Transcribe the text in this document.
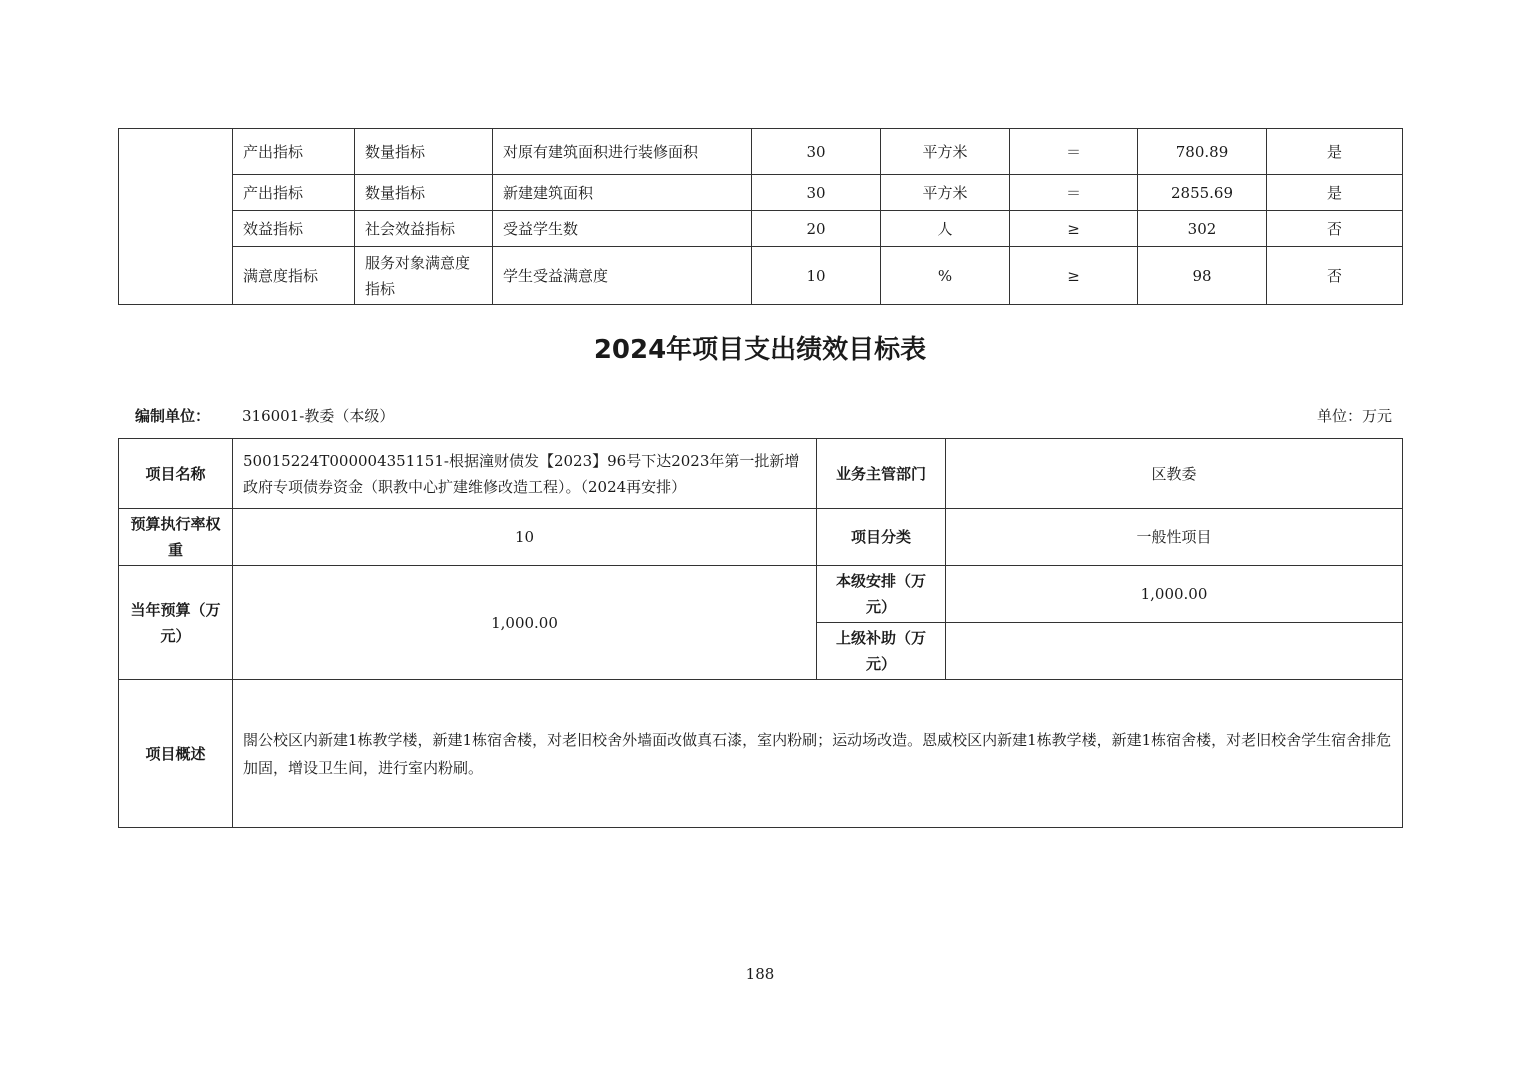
	产出指标	数量指标	对原有建筑面积进行装修面积	30	平方米	＝	780.89	是
	产出指标	数量指标	新建建筑面积	30	平方米	＝	2855.69	是
	效益指标	社会效益指标	受益学生数	20	人	≥	302	否
	满意度指标	服务对象满意度指标	学生受益满意度	10	%	≥	98	否
2024年项目支出绩效目标表
编制单位： 316001-教委（本级）	单位：万元
项目名称	50015224T000004351151-根据潼财债发【2023】96号下达2023年第一批新增政府专项债券资金（职教中心扩建维修改造工程）。（2024再安排）	业务主管部门	区教委
预算执行率权重	10	项目分类	一般性项目
当年预算（万元）	1,000.00	本级安排（万元）	1,000.00
		上级补助（万元）	
项目概述	閤公校区内新建1栋教学楼，新建1栋宿舍楼，对老旧校舍外墙面改做真石漆，室内粉刷；运动场改造。恩威校区内新建1栋教学楼，新建1栋宿舍楼，对老旧校舍学生宿舍排危加固，增设卫生间，进行室内粉刷。		
188
